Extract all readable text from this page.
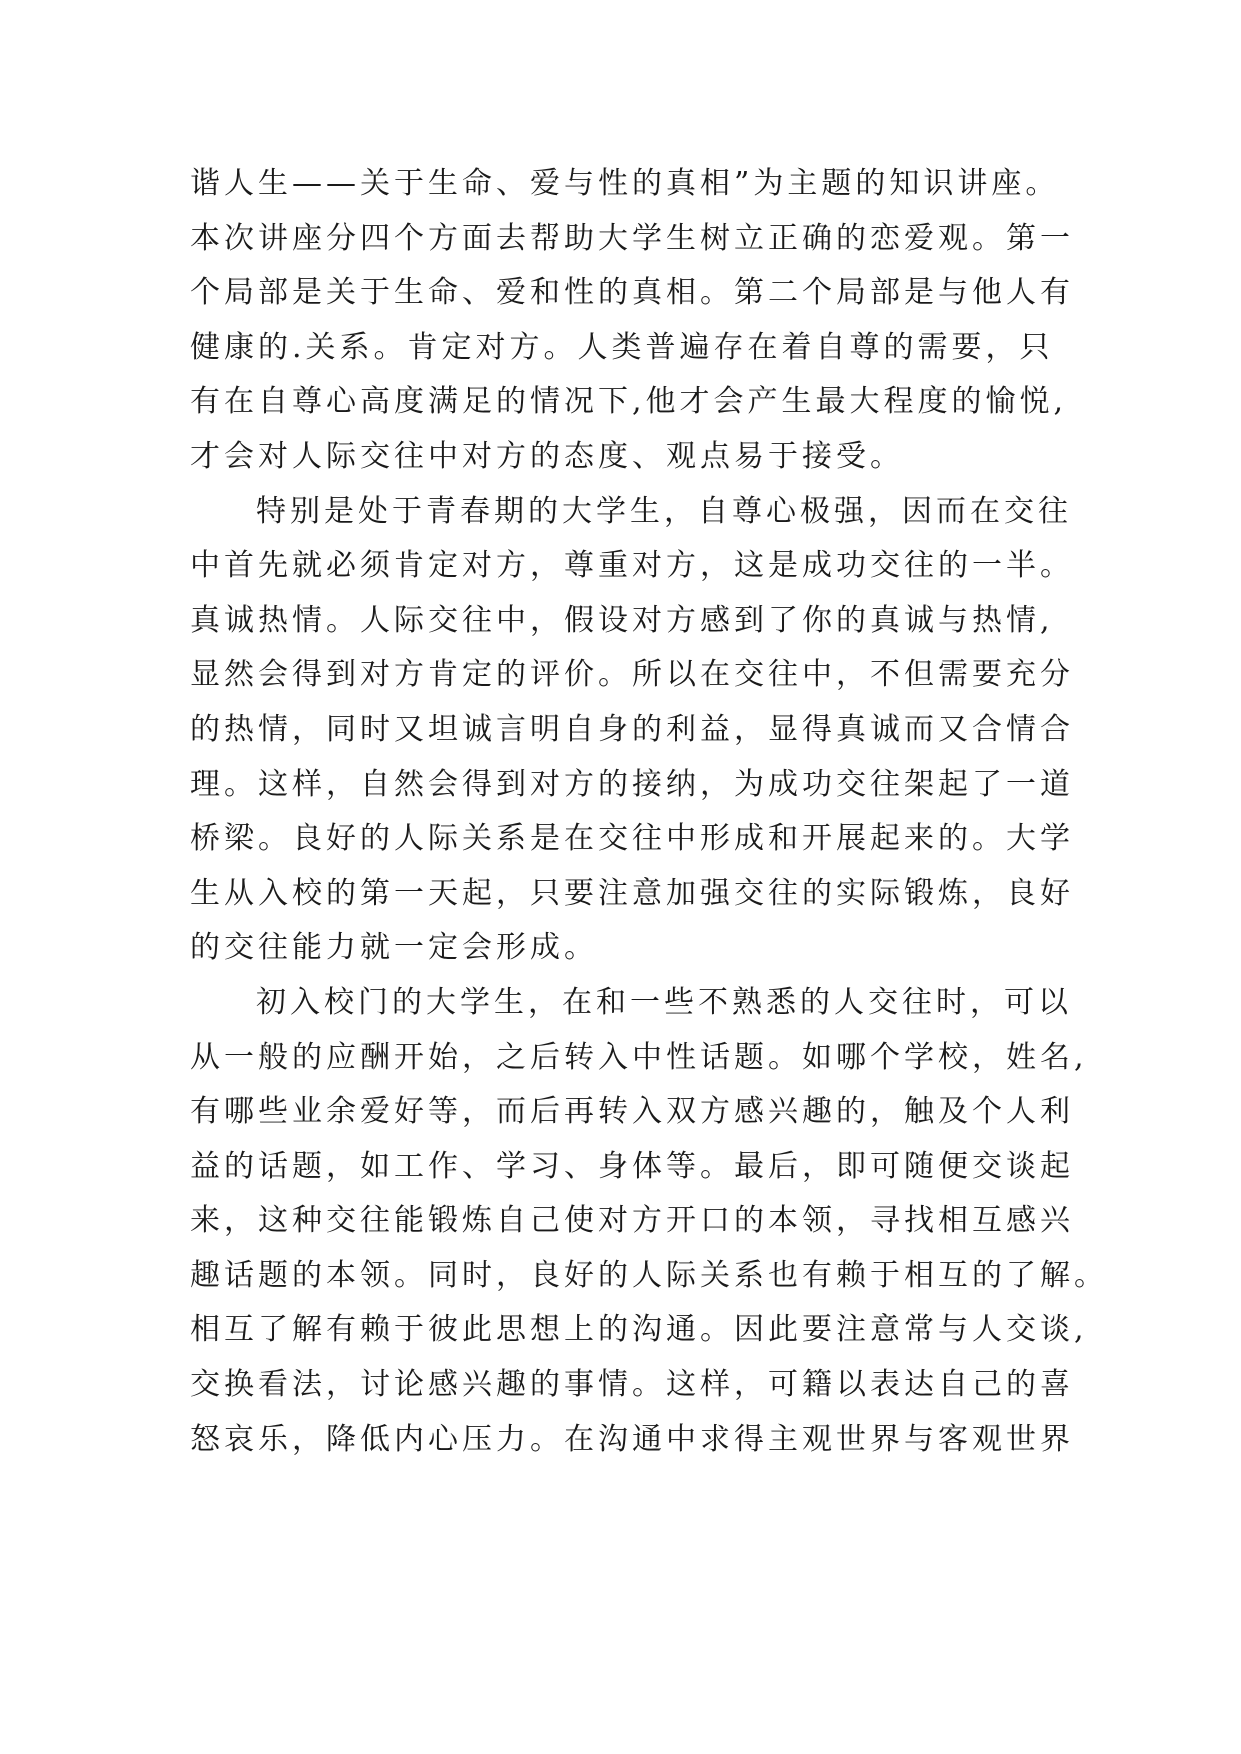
谐人生——关于生命、爱与性的真相”为主题的知识讲座。
本次讲座分四个方面去帮助大学生树立正确的恋爱观。第一
个局部是关于生命、爱和性的真相。第二个局部是与他人有
健康的.关系。肯定对方。人类普遍存在着自尊的需要，只
有在自尊心高度满足的情况下,他才会产生最大程度的愉悦,
才会对人际交往中对方的态度、观点易于接受。
特别是处于青春期的大学生，自尊心极强，因而在交往
中首先就必须肯定对方，尊重对方，这是成功交往的一半。
真诚热情。人际交往中，假设对方感到了你的真诚与热情,
显然会得到对方肯定的评价。所以在交往中，不但需要充分
的热情，同时又坦诚言明自身的利益，显得真诚而又合情合
理。这样，自然会得到对方的接纳，为成功交往架起了一道
桥梁。良好的人际关系是在交往中形成和开展起来的。大学
生从入校的第一天起，只要注意加强交往的实际锻炼，良好
的交往能力就一定会形成。
初入校门的大学生，在和一些不熟悉的人交往时，可以
从一般的应酬开始，之后转入中性话题。如哪个学校，姓名,
有哪些业余爱好等，而后再转入双方感兴趣的，触及个人利
益的话题，如工作、学习、身体等。最后，即可随便交谈起
来，这种交往能锻炼自己使对方开口的本领，寻找相互感兴
趣话题的本领。同时，良好的人际关系也有赖于相互的了解。
相互了解有赖于彼此思想上的沟通。因此要注意常与人交谈,
交换看法，讨论感兴趣的事情。这样，可籍以表达自己的喜
怒哀乐，降低内心压力。在沟通中求得主观世界与客观世界
